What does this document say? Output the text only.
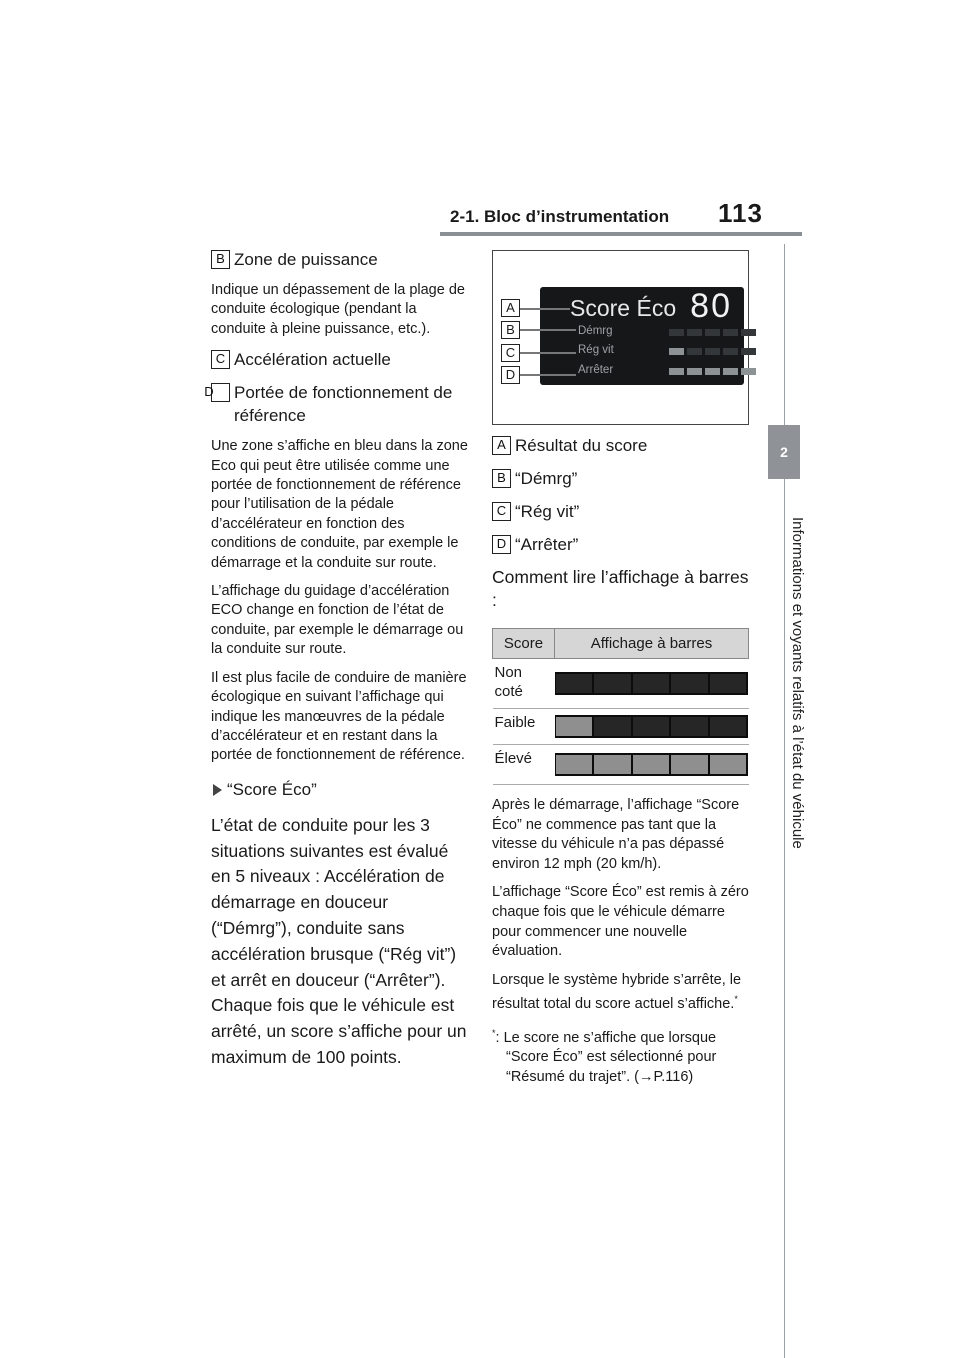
2-1. Bloc d’instrumentation 113
2
Informations et voyants relatifs à l’état du véhicule
B Zone de puissance
Indique un dépassement de la plage de conduite écologique (pendant la conduite à pleine puissance, etc.).
C Accélération actuelle
D Portée de fonctionnement de référence
Une zone s’affiche en bleu dans la zone Eco qui peut être utilisée comme une portée de fonctionnement de référence pour l’utilisation de la pédale d’accélérateur en fonction des conditions de conduite, par exemple le démarrage et la conduite sur route.
L’affichage du guidage d’accélération ECO change en fonction de l’état de conduite, par exemple le démarrage ou la conduite sur route.
Il est plus facile de conduire de manière écologique en suivant l’affichage qui indique les manœuvres de la pédale d’accélérateur et en restant dans la portée de fonctionnement de référence.
“Score Éco”
L’état de conduite pour les 3 situations suivantes est évalué en 5 niveaux : Accélération de démarrage en douceur (“Démrg”), conduite sans accélération brusque (“Rég vit”) et arrêt en douceur (“Arrêter”). Chaque fois que le véhicule est arrêté, un score s’affiche pour un maximum de 100 points.
Score Éco 80
Démrg
Rég vit
Arrêter
A
B
C
D
A Résultat du score
B “Démrg”
C “Rég vit”
D “Arrêter”
Comment lire l’affichage à barres :
Score	Affichage à barres
Non coté	

Faible	

Élevé	
Après le démarrage, l’affichage “Score Éco” ne commence pas tant que la vitesse du véhicule n’a pas dépassé environ 12 mph (20 km/h).
L’affichage “Score Éco” est remis à zéro chaque fois que le véhicule démarre pour commencer une nouvelle évaluation.
Lorsque le système hybride s’arrête, le résultat total du score actuel s’affiche.*
*: Le score ne s’affiche que lorsque “Score Éco” est sélectionné pour “Résumé du trajet”. (→P.116)
